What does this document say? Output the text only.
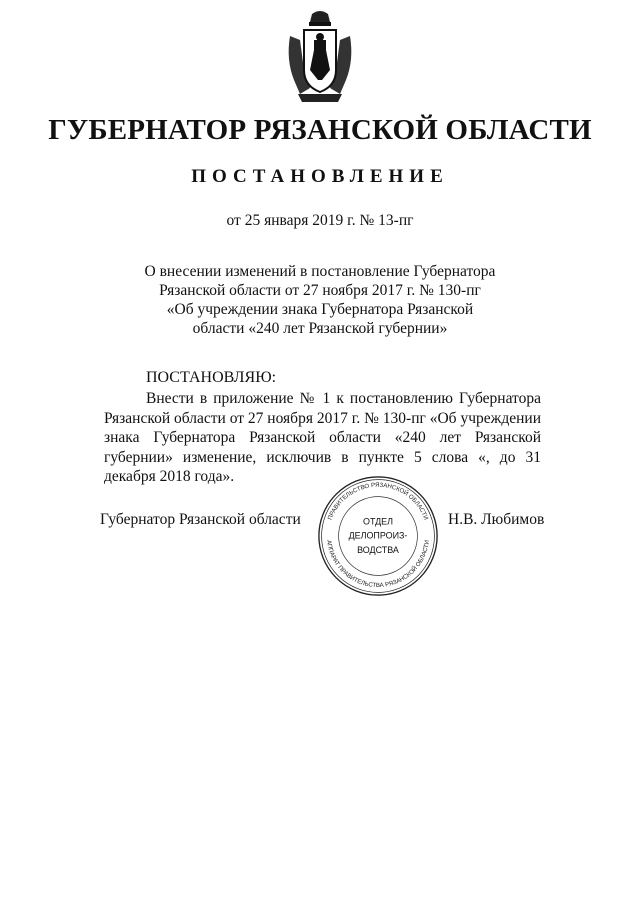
ГУБЕРНАТОР РЯЗАНСКОЙ ОБЛАСТИ
ПОСТАНОВЛЕНИЕ
от 25 января 2019 г. № 13-пг
О внесении изменений в постановление Губернатора
Рязанской области от 27 ноября 2017 г. № 130-пг
«Об учреждении знака Губернатора Рязанской
области «240 лет Рязанской губернии»
ПОСТАНОВЛЯЮ:
Внести в приложение № 1 к постановлению Губернатора Рязанской области от 27 ноября 2017 г. № 130-пг «Об учреждении знака Губернатора Рязанской области «240 лет Рязанской губернии» изменение, исключив в пункте 5 слова «, до 31 декабря 2018 года».
Губернатор Рязанской области	Н.В. Любимов
ПРАВИТЕЛЬСТВО РЯЗАНСКОЙ ОБЛАСТИ
АППАРАТ ПРАВИТЕЛЬСТВА РЯЗАНСКОЙ ОБЛАСТИ
ОТДЕЛ
ДЕЛОПРОИЗ-
ВОДСТВА
